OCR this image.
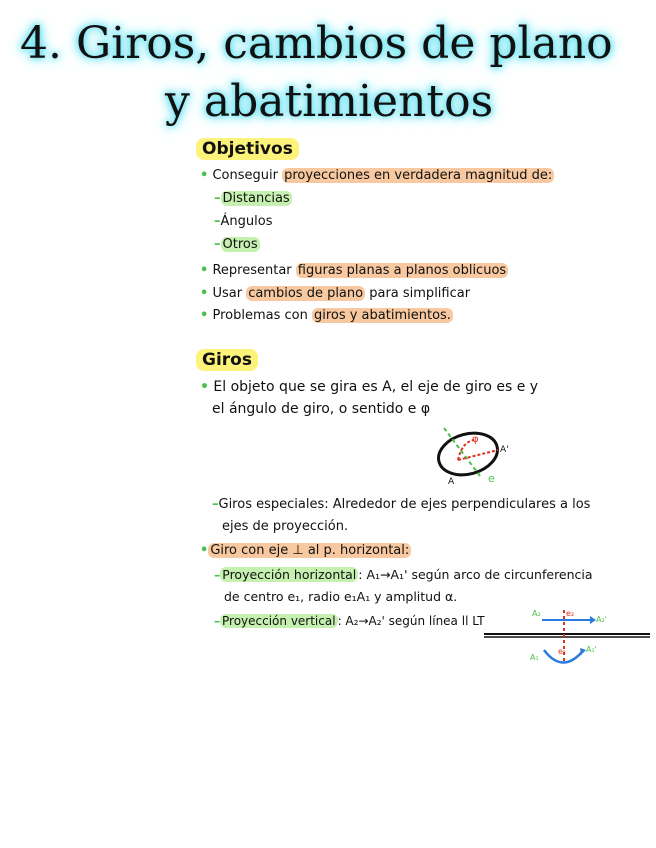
4. Giros, cambios de plano
y abatimientos
Objetivos
• Conseguir proyecciones en verdadera magnitud de:
– Distancias
–Ángulos
– Otros
• Representar figuras planas a planos oblicuos
• Usar cambios de plano para simplificar
• Problemas con giros y abatimientos.
Giros
• El objeto que se gira es A, el eje de giro es e y
el ángulo de giro, o sentido e φ
φ
A'
A	e
–Giros especiales: Alrededor de ejes perpendiculares a los
ejes de proyección.
• Giro con eje ⊥ al p. horizontal:
– Proyección horizontal : A₁→A₁' según arco de circunferencia
de centro e₁, radio e₁A₁ y amplitud α.
– Proyección vertical : A₂→A₂' según línea ll LT
A₂	e₂
A₂'
A₁
e₁ A₁'
